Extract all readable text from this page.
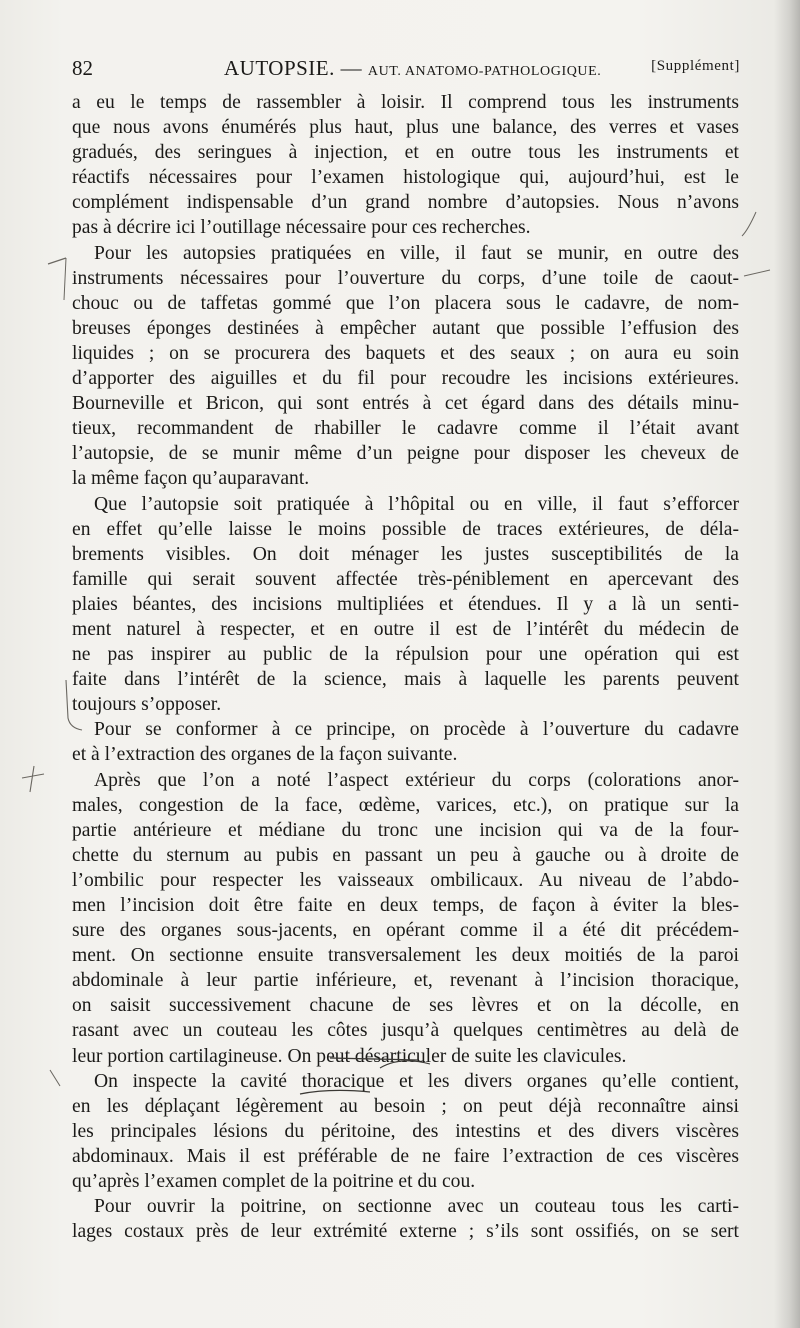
82	AUTOPSIE. — AUT. ANATOMO-PATHOLOGIQUE.	[Supplément]
a eu le temps de rassembler à loisir. Il comprend tous les instruments
que nous avons énumérés plus haut, plus une balance, des verres et vases
gradués, des seringues à injection, et en outre tous les instruments et
réactifs nécessaires pour l’examen histologique qui, aujourd’hui, est le
complément indispensable d’un grand nombre d’autopsies. Nous n’avons
pas à décrire ici l’outillage nécessaire pour ces recherches.
Pour les autopsies pratiquées en ville, il faut se munir, en outre des
instruments nécessaires pour l’ouverture du corps, d’une toile de caout-
chouc ou de taffetas gommé que l’on placera sous le cadavre, de nom-
breuses éponges destinées à empêcher autant que possible l’effusion des
liquides ; on se procurera des baquets et des seaux ; on aura eu soin
d’apporter des aiguilles et du fil pour recoudre les incisions extérieures.
Bourneville et Bricon, qui sont entrés à cet égard dans des détails minu-
tieux, recommandent de rhabiller le cadavre comme il l’était avant
l’autopsie, de se munir même d’un peigne pour disposer les cheveux de
la même façon qu’auparavant.
Que l’autopsie soit pratiquée à l’hôpital ou en ville, il faut s’efforcer
en effet qu’elle laisse le moins possible de traces extérieures, de déla-
brements visibles. On doit ménager les justes susceptibilités de la
famille qui serait souvent affectée très-péniblement en apercevant des
plaies béantes, des incisions multipliées et étendues. Il y a là un senti-
ment naturel à respecter, et en outre il est de l’intérêt du médecin de
ne pas inspirer au public de la répulsion pour une opération qui est
faite dans l’intérêt de la science, mais à laquelle les parents peuvent
toujours s’opposer.
Pour se conformer à ce principe, on procède à l’ouverture du cadavre
et à l’extraction des organes de la façon suivante.
Après que l’on a noté l’aspect extérieur du corps (colorations anor-
males, congestion de la face, œdème, varices, etc.), on pratique sur la
partie antérieure et médiane du tronc une incision qui va de la four-
chette du sternum au pubis en passant un peu à gauche ou à droite de
l’ombilic pour respecter les vaisseaux ombilicaux. Au niveau de l’abdo-
men l’incision doit être faite en deux temps, de façon à éviter la bles-
sure des organes sous-jacents, en opérant comme il a été dit précédem-
ment. On sectionne ensuite transversalement les deux moitiés de la paroi
abdominale à leur partie inférieure, et, revenant à l’incision thoracique,
on saisit successivement chacune de ses lèvres et on la décolle, en
rasant avec un couteau les côtes jusqu’à quelques centimètres au delà de
leur portion cartilagineuse. On peut désarticuler de suite les clavicules.
On inspecte la cavité thoracique et les divers organes qu’elle contient,
en les déplaçant légèrement au besoin ; on peut déjà reconnaître ainsi
les principales lésions du péritoine, des intestins et des divers viscères
abdominaux. Mais il est préférable de ne faire l’extraction de ces viscères
qu’après l’examen complet de la poitrine et du cou.
Pour ouvrir la poitrine, on sectionne avec un couteau tous les carti-
lages costaux près de leur extrémité externe ; s’ils sont ossifiés, on se sert
